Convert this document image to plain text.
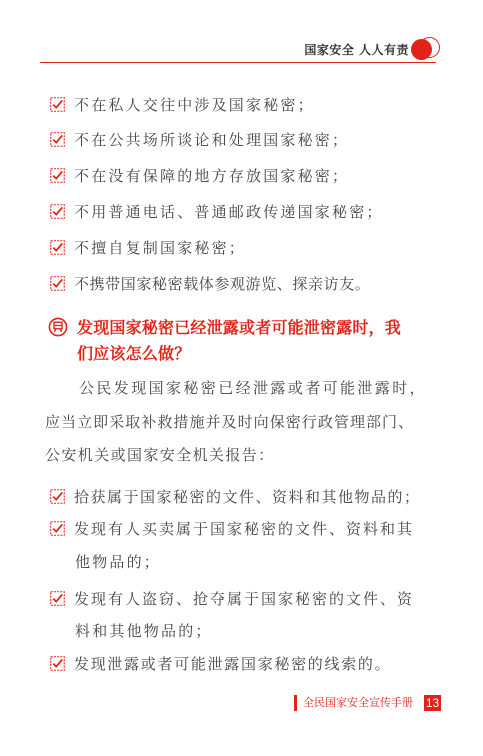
国家安全 人人有责
不在私人交往中涉及国家秘密；
不在公共场所谈论和处理国家秘密；
不在没有保障的地方存放国家秘密；
不用普通电话、普通邮政传递国家秘密；
不擅自复制国家秘密；
不携带国家秘密载体参观游览、探亲访友。
发现国家秘密已经泄露或者可能泄密露时，我
们应该怎么做？
公民发现国家秘密已经泄露或者可能泄露时，
应当立即采取补救措施并及时向保密行政管理部门、
公安机关或国家安全机关报告：
拾获属于国家秘密的文件、资料和其他物品的；
发现有人买卖属于国家秘密的文件、资料和其
他物品的；
发现有人盗窃、抢夺属于国家秘密的文件、资
料和其他物品的；
发现泄露或者可能泄露国家秘密的线索的。
全民国家安全宣传手册 13
